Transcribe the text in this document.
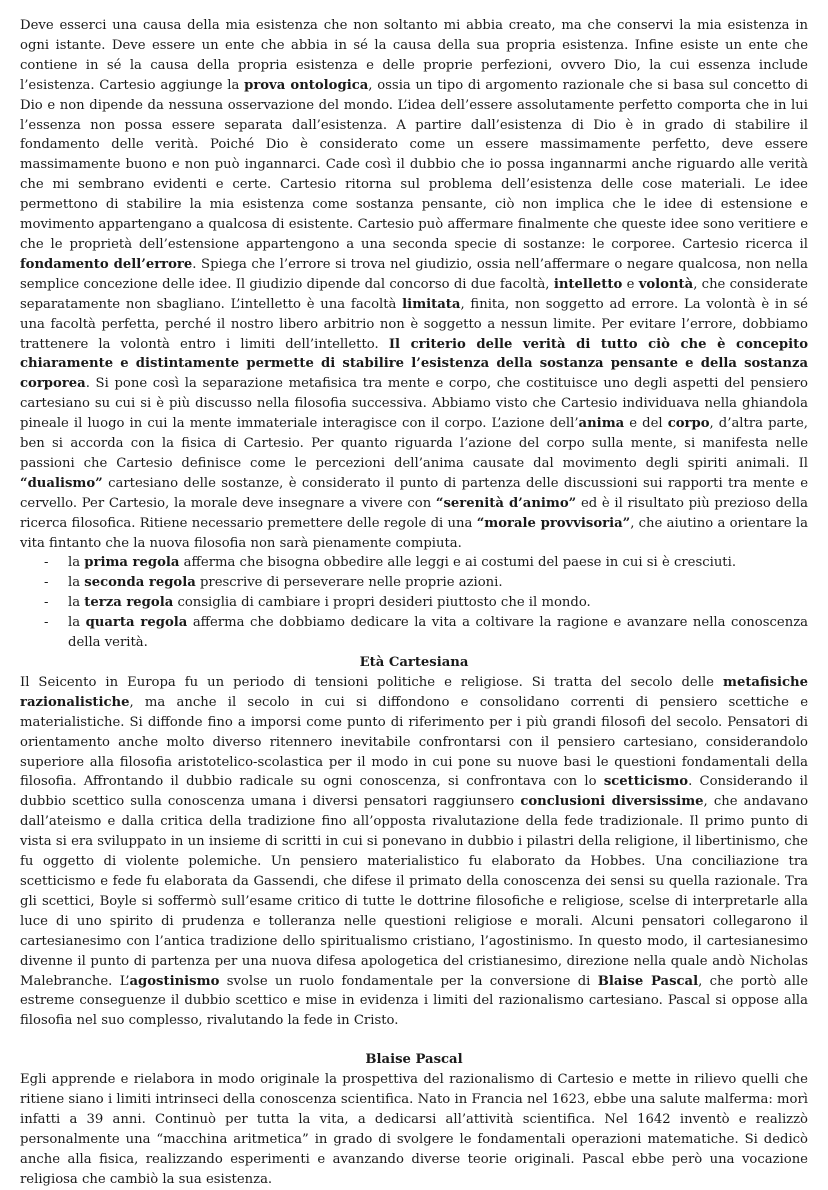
Deve esserci una causa della mia esistenza che non soltanto mi abbia creato, ma che conservi la mia esistenza in ogni istante. Deve essere un ente che abbia in sé la causa della sua propria esistenza. Infine esiste un ente che contiene in sé la causa della propria esistenza e delle proprie perfezioni, ovvero Dio, la cui essenza include l’esistenza. Cartesio aggiunge la prova ontologica, ossia un tipo di argomento razionale che si basa sul concetto di Dio e non dipende da nessuna osservazione del mondo. L’idea dell’essere assolutamente perfetto comporta che in lui l’essenza non possa essere separata dall’esistenza. A partire dall’esistenza di Dio è in grado di stabilire il fondamento delle verità. Poiché Dio è considerato come un essere massimamente perfetto, deve essere massimamente buono e non può ingannarci. Cade così il dubbio che io possa ingannarmi anche riguardo alle verità che mi sembrano evidenti e certe. Cartesio ritorna sul problema dell’esistenza delle cose materiali. Le idee permettono di stabilire la mia esistenza come sostanza pensante, ciò non implica che le idee di estensione e movimento appartengano a qualcosa di esistente. Cartesio può affermare finalmente che queste idee sono veritiere e che le proprietà dell’estensione appartengono a una seconda specie di sostanze: le corporee. Cartesio ricerca il fondamento dell’errore. Spiega che l’errore si trova nel giudizio, ossia nell’affermare o negare qualcosa, non nella semplice concezione delle idee. Il giudizio dipende dal concorso di due facoltà, intelletto e volontà, che considerate separatamente non sbagliano. L’intelletto è una facoltà limitata, finita, non soggetto ad errore. La volontà è in sé una facoltà perfetta, perché il nostro libero arbitrio non è soggetto a nessun limite. Per evitare l’errore, dobbiamo trattenere la volontà entro i limiti dell’intelletto. Il criterio delle verità di tutto ciò che è concepito chiaramente e distintamente permette di stabilire l’esistenza della sostanza pensante e della sostanza corporea. Si pone così la separazione metafisica tra mente e corpo, che costituisce uno degli aspetti del pensiero cartesiano su cui si è più discusso nella filosofia successiva. Abbiamo visto che Cartesio individuava nella ghiandola pineale il luogo in cui la mente immateriale interagisce con il corpo. L’azione dell’anima e del corpo, d’altra parte, ben si accorda con la fisica di Cartesio. Per quanto riguarda l’azione del corpo sulla mente, si manifesta nelle passioni che Cartesio definisce come le percezioni dell’anima causate dal movimento degli spiriti animali. Il “dualismo” cartesiano delle sostanze, è considerato il punto di partenza delle discussioni sui rapporti tra mente e cervello. Per Cartesio, la morale deve insegnare a vivere con “serenità d’animo” ed è il risultato più prezioso della ricerca filosofica. Ritiene necessario premettere delle regole di una “morale provvisoria”, che aiutino a orientare la vita fintanto che la nuova filosofia non sarà pienamente compiuta.

- la prima regola afferma che bisogna obbedire alle leggi e ai costumi del paese in cui si è cresciuti.
- la seconda regola prescrive di perseverare nelle proprie azioni.
- la terza regola consiglia di cambiare i propri desideri piuttosto che il mondo.
- la quarta regola afferma che dobbiamo dedicare la vita a coltivare la ragione e avanzare nella conoscenza della verità.
Età Cartesiana

Il Seicento in Europa fu un periodo di tensioni politiche e religiose. Si tratta del secolo delle metafisiche razionalistiche, ma anche il secolo in cui si diffondono e consolidano correnti di pensiero scettiche e materialistiche. Si diffonde fino a imporsi come punto di riferimento per i più grandi filosofi del secolo. Pensatori di orientamento anche molto diverso ritennero inevitabile confrontarsi con il pensiero cartesiano, considerandolo superiore alla filosofia aristotelico-scolastica per il modo in cui pone su nuove basi le questioni fondamentali della filosofia. Affrontando il dubbio radicale su ogni conoscenza, si confrontava con lo scetticismo. Considerando il dubbio scettico sulla conoscenza umana i diversi pensatori raggiunsero conclusioni diversissime, che andavano dall’ateismo e dalla critica della tradizione fino all’opposta rivalutazione della fede tradizionale. Il primo punto di vista si era sviluppato in un insieme di scritti in cui si ponevano in dubbio i pilastri della religione, il libertinismo, che fu oggetto di violente polemiche. Un pensiero materialistico fu elaborato da Hobbes. Una conciliazione tra scetticismo e fede fu elaborata da Gassendi, che difese il primato della conoscenza dei sensi su quella razionale. Tra gli scettici, Boyle si soffermò sull’esame critico di tutte le dottrine filosofiche e religiose, scelse di interpretarle alla luce di uno spirito di prudenza e tolleranza nelle questioni religiose e morali. Alcuni pensatori collegarono il cartesianesimo con l’antica tradizione dello spiritualismo cristiano, l’agostinismo. In questo modo, il cartesianesimo divenne il punto di partenza per una nuova difesa apologetica del cristianesimo, direzione nella quale andò Nicholas Malebranche. L’agostinismo svolse un ruolo fondamentale per la conversione di Blaise Pascal, che portò alle estreme conseguenze il dubbio scettico e mise in evidenza i limiti del razionalismo cartesiano. Pascal si oppose alla filosofia nel suo complesso, rivalutando la fede in Cristo.

Blaise Pascal

Egli apprende e rielabora in modo originale la prospettiva del razionalismo di Cartesio e mette in rilievo quelli che ritiene siano i limiti intrinseci della conoscenza scientifica. Nato in Francia nel 1623, ebbe una salute malferma: morì infatti a 39 anni. Continuò per tutta la vita, a dedicarsi all’attività scientifica. Nel 1642 inventò e realizzò personalmente una “macchina aritmetica” in grado di svolgere le fondamentali operazioni matematiche. Si dedicò anche alla fisica, realizzando esperimenti e avanzando diverse teorie originali. Pascal ebbe però una vocazione religiosa che cambiò la sua esistenza.
